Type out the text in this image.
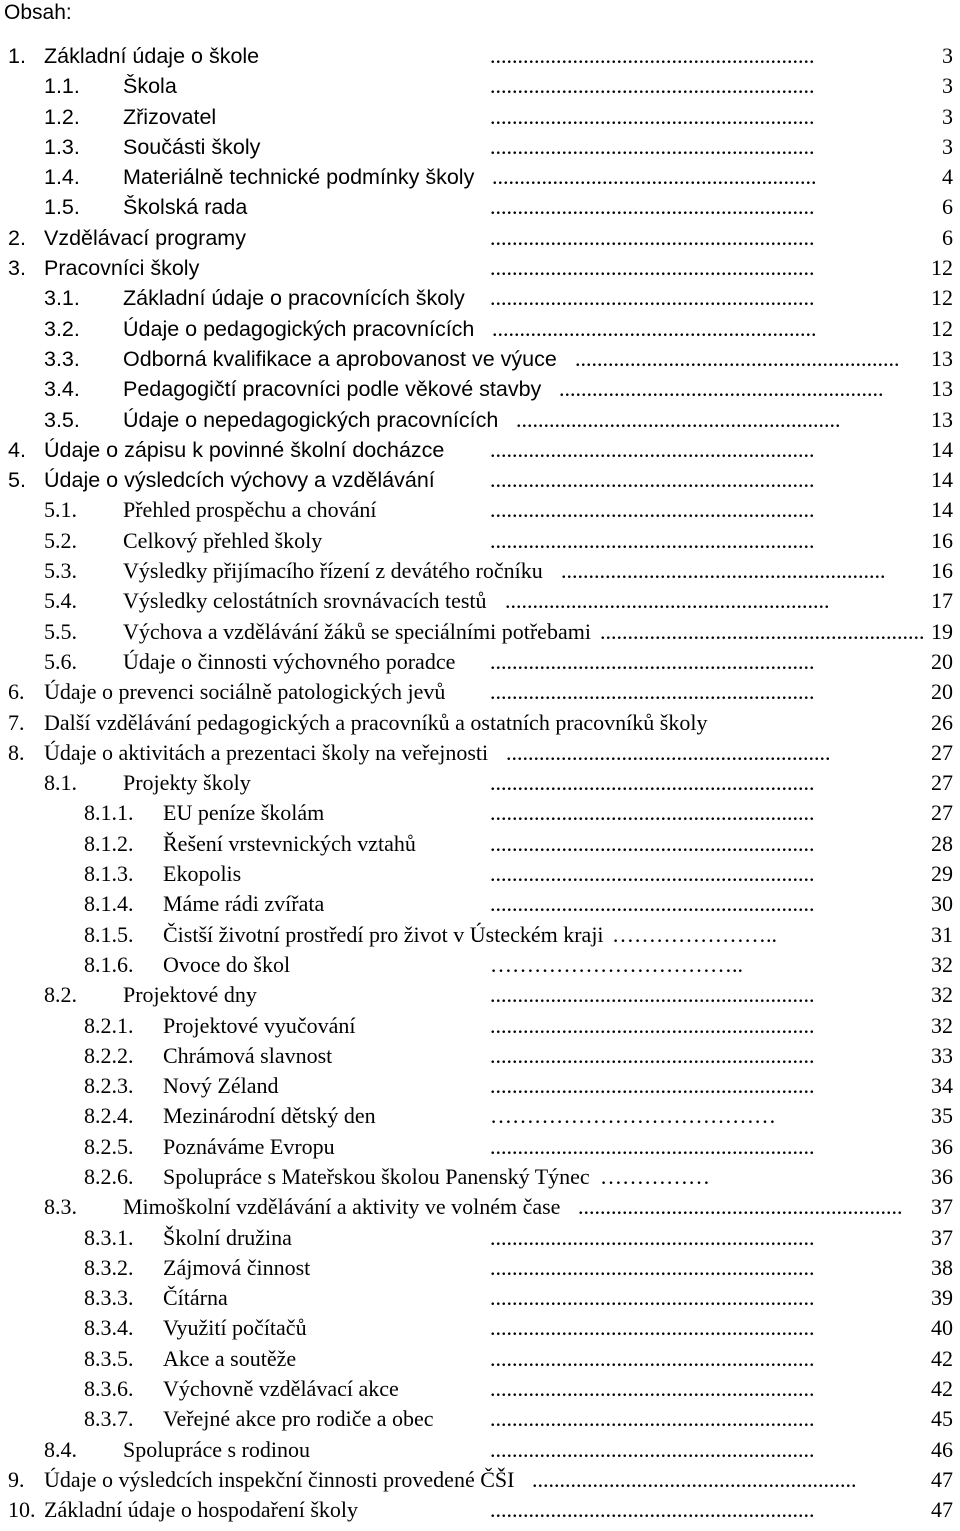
Obsah:
1. Základní údaje o škole	...........................................................	3
1.1. Škola	...........................................................	3
1.2. Zřizovatel	...........................................................	3
1.3. Součásti školy	...........................................................	3
1.4. Materiálně technické podmínky školy ...........................................................	4
1.5. Školská rada	...........................................................	6
2. Vzdělávací programy	...........................................................	6
3. Pracovníci školy	...........................................................	12
3.1. Základní údaje o pracovnících školy ...........................................................	12
3.2. Údaje o pedagogických pracovnících ...........................................................	12
3.3. Odborná kvalifikace a aprobovanost ve výuce ...........................................................	13
3.4. Pedagogičtí pracovníci podle věkové stavby ...........................................................	13
3.5. Údaje o nepedagogických pracovnících ...........................................................	13
4. Údaje o zápisu k povinné školní docházce ...........................................................	14
5. Údaje o výsledcích výchovy a vzdělávání	...........................................................	14
5.1. Přehled prospěchu a chování	...........................................................	14
5.2. Celkový přehled školy	...........................................................	16
5.3. Výsledky přijímacího řízení z devátého ročníku ...........................................................	16
5.4. Výsledky celostátních srovnávacích testů ...........................................................	17
5.5. Výchova a vzdělávání žáků se speciálními potřebami ........................................................... 19
5.6. Údaje o činnosti výchovného poradce ...........................................................	20
6. Údaje o prevenci sociálně patologických jevů ...........................................................	20
7. Další vzdělávání pedagogických a pracovníků a ostatních pracovníků školy	26
8. Údaje o aktivitách a prezentaci školy na veřejnosti ...........................................................	27
8.1. Projekty školy	...........................................................	27
8.1.1. EU peníze školám	...........................................................	27
8.1.2. Řešení vrstevnických vztahů	...........................................................	28
8.1.3. Ekopolis	...........................................................	29
8.1.4. Máme rádi zvířata	...........................................................	30
8.1.5. Čistší životní prostředí pro život v Ústeckém kraji …………………..	31
8.1.6. Ovoce do škol	……………………………..	32
8.2. Projektové dny	...........................................................	32
8.2.1. Projektové vyučování	...........................................................	32
8.2.2. Chrámová slavnost	...........................................................	33
8.2.3. Nový Zéland	...........................................................	34
8.2.4. Mezinárodní dětský den	…………………………………	35
8.2.5. Poznáváme Evropu	...........................................................	36
8.2.6. Spolupráce s Mateřskou školou Panenský Týnec ……………	36
8.3. Mimoškolní vzdělávání a aktivity ve volném čase ...........................................................	37
8.3.1. Školní družina	...........................................................	37
8.3.2. Zájmová činnost	...........................................................	38
8.3.3. Čítárna	...........................................................	39
8.3.4. Využití počítačů	...........................................................	40
8.3.5. Akce a soutěže	...........................................................	42
8.3.6. Výchovně vzdělávací akce	...........................................................	42
8.3.7. Veřejné akce pro rodiče a obec	...........................................................	45
8.4. Spolupráce s rodinou	...........................................................	46
9. Údaje o výsledcích inspekční činnosti provedené ČŠI ...........................................................	47
10. Základní údaje o hospodaření školy	...........................................................	47
